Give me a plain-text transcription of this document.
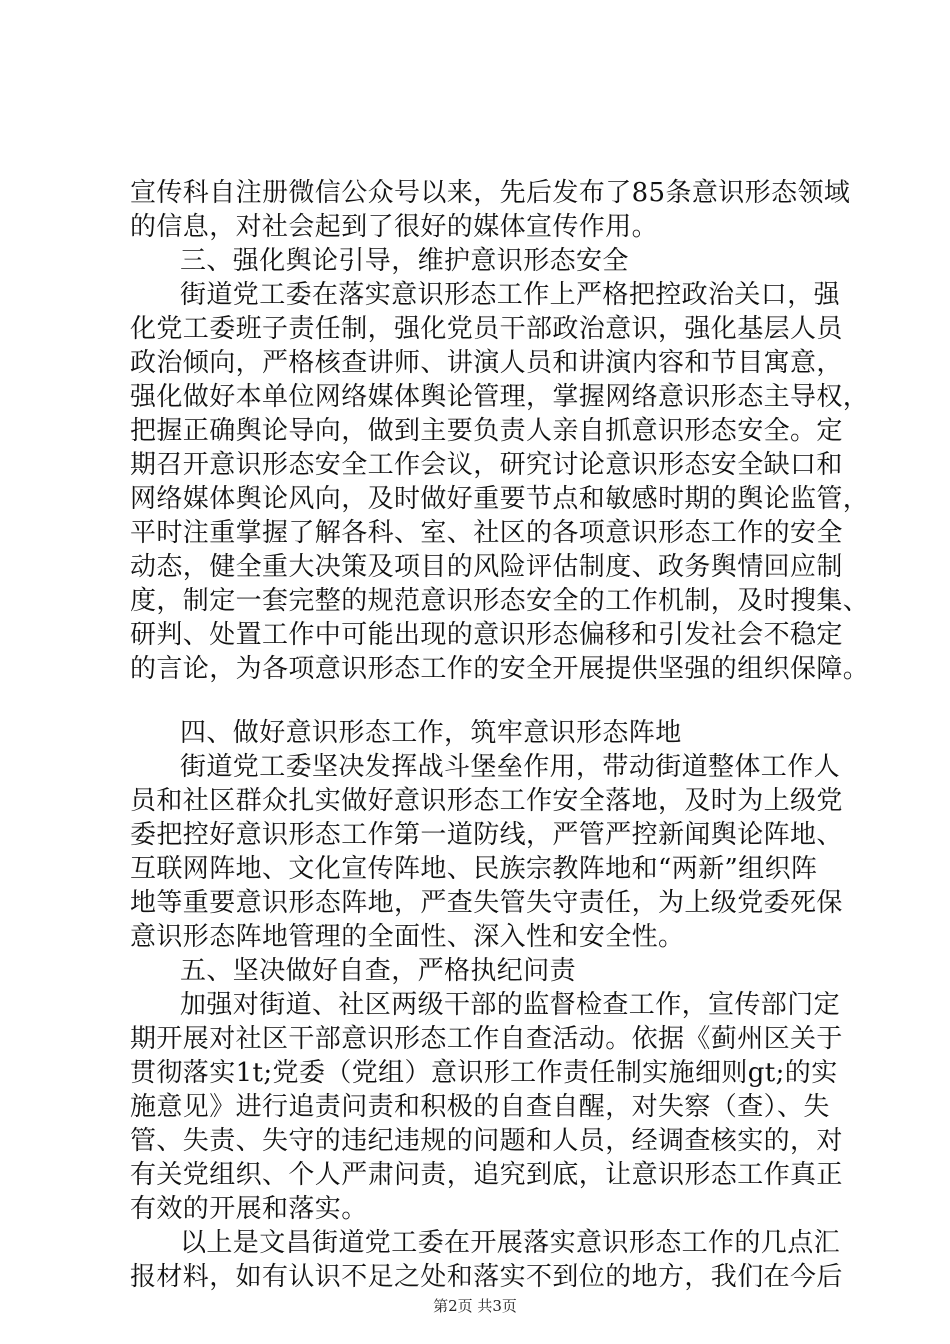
宣传科自注册微信公众号以来，先后发布了85条意识形态领域

的信息，对社会起到了很好的媒体宣传作用。

三、强化舆论引导，维护意识形态安全

街道党工委在落实意识形态工作上严格把控政治关口，强

化党工委班子责任制，强化党员干部政治意识，强化基层人员

政治倾向，严格核查讲师、讲演人员和讲演内容和节目寓意，

强化做好本单位网络媒体舆论管理，掌握网络意识形态主导权，

把握正确舆论导向，做到主要负责人亲自抓意识形态安全。定

期召开意识形态安全工作会议，研究讨论意识形态安全缺口和

网络媒体舆论风向，及时做好重要节点和敏感时期的舆论监管，

平时注重掌握了解各科、室、社区的各项意识形态工作的安全

动态，健全重大决策及项目的风险评估制度、政务舆情回应制

度，制定一套完整的规范意识形态安全的工作机制，及时搜集、

研判、处置工作中可能出现的意识形态偏移和引发社会不稳定

的言论，为各项意识形态工作的安全开展提供坚强的组织保障。

四、做好意识形态工作，筑牢意识形态阵地

街道党工委坚决发挥战斗堡垒作用，带动街道整体工作人

员和社区群众扎实做好意识形态工作安全落地，及时为上级党

委把控好意识形态工作第一道防线，严管严控新闻舆论阵地、

互联网阵地、文化宣传阵地、民族宗教阵地和“两新”组织阵

地等重要意识形态阵地，严查失管失守责任，为上级党委死保

意识形态阵地管理的全面性、深入性和安全性。

五、坚决做好自查，严格执纪问责

加强对街道、社区两级干部的监督检查工作，宣传部门定

期开展对社区干部意识形态工作自查活动。依据《蓟州区关于

贯彻落实1t;党委（党组）意识形工作责任制实施细则gt;的实

施意见》进行追责问责和积极的自查自醒，对失察（查）、失

管、失责、失守的违纪违规的问题和人员，经调查核实的，对

有关党组织、个人严肃问责，追究到底，让意识形态工作真正

有效的开展和落实。

以上是文昌街道党工委在开展落实意识形态工作的几点汇

报材料，如有认识不足之处和落实不到位的地方，我们在今后

第2页 共3页
